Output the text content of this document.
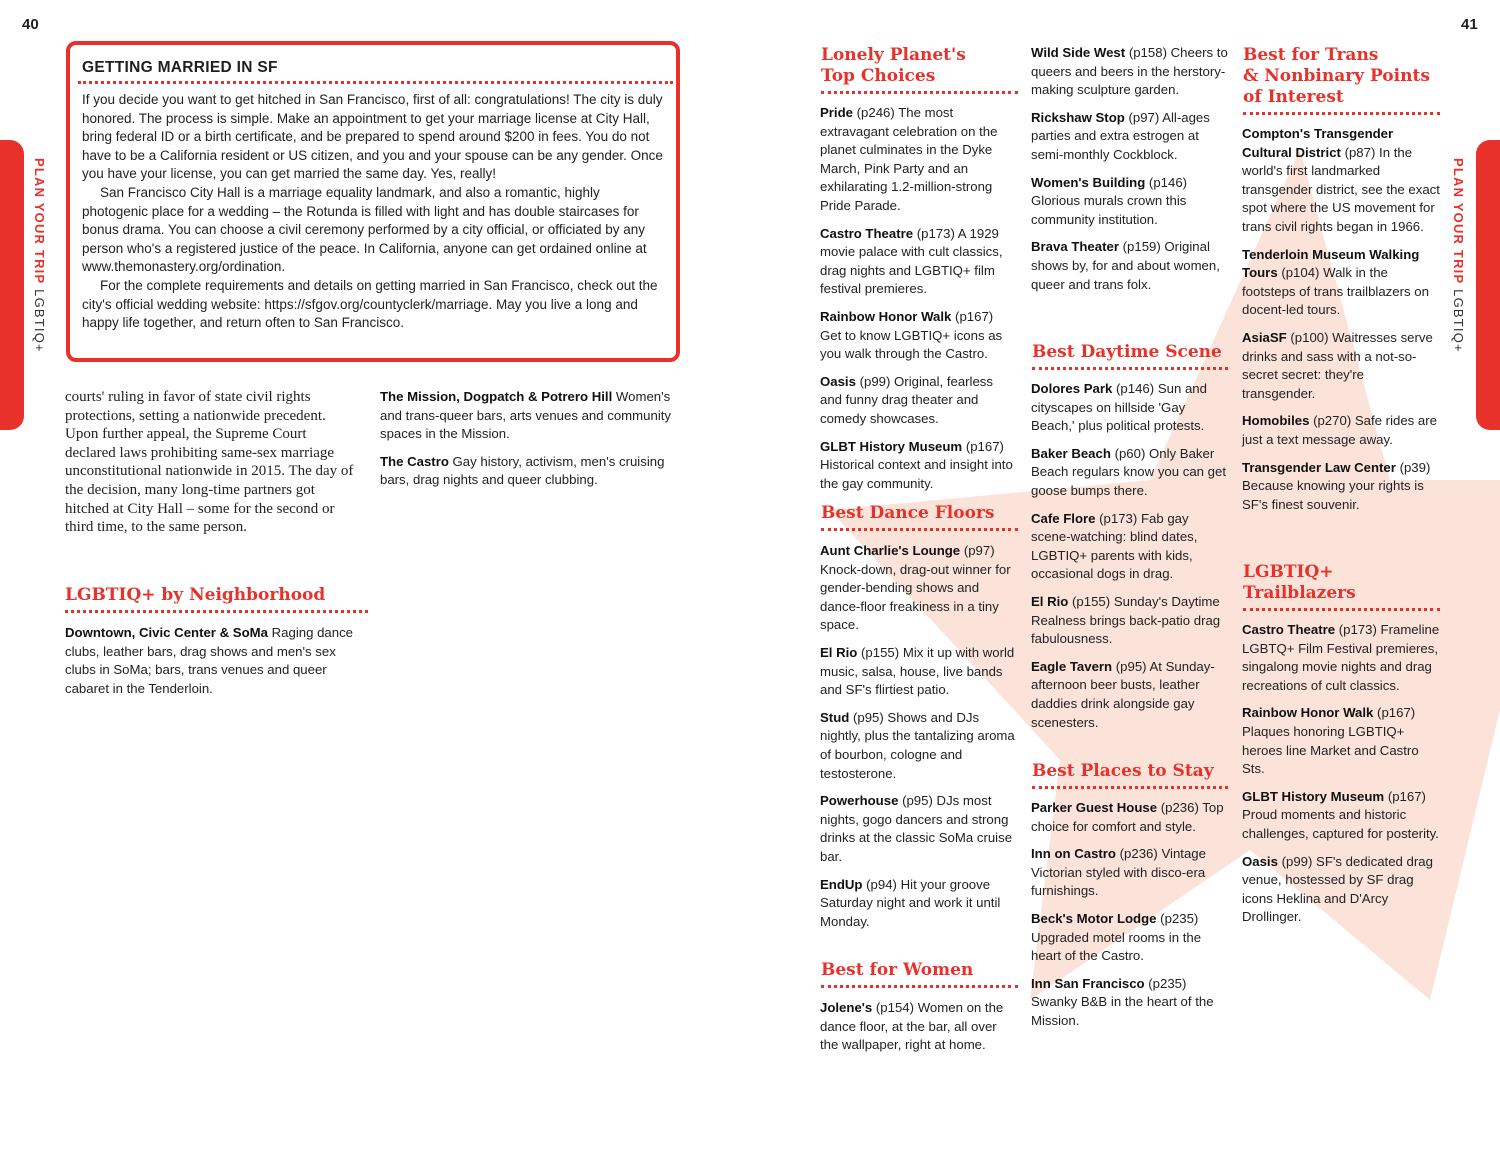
40	41
PLAN YOUR TRIP LGBTIQ+
PLAN YOUR TRIP LGBTIQ+
GETTING MARRIED IN SF

If you decide you want to get hitched in San Francisco, first of all: congratulations! The city is duly honored. The process is simple. Make an appointment to get your marriage license at City Hall, bring federal ID or a birth certificate, and be prepared to spend around $200 in fees. You do not have to be a California resident or US citizen, and you and your spouse can be any gender. Once you have your license, you can get married the same day. Yes, really!

San Francisco City Hall is a marriage equality landmark, and also a romantic, highly photogenic place for a wedding – the Rotunda is filled with light and has double staircases for bonus drama. You can choose a civil ceremony performed by a city official, or officiated by any person who's a registered justice of the peace. In California, anyone can get ordained online at www.themonastery.org/ordination.

For the complete requirements and details on getting married in San Francisco, check out the city's official wedding website: https://sfgov.org/countyclerk/marriage. May you live a long and happy life together, and return often to San Francisco.

courts' ruling in favor of state civil rights protections, setting a nationwide precedent. Upon further appeal, the Supreme Court declared laws prohibiting same-sex marriage unconstitutional nationwide in 2015. The day of the decision, many long-time partners got hitched at City Hall – some for the second or third time, to the same person.
LGBTIQ+ by Neighborhood

Downtown, Civic Center & SoMa Raging dance clubs, leather bars, drag shows and men's sex clubs in SoMa; bars, trans venues and queer cabaret in the Tenderloin.

The Mission, Dogpatch & Potrero Hill Women's and trans-queer bars, arts venues and community spaces in the Mission.

The Castro Gay history, activism, men's cruising bars, drag nights and queer clubbing.

Lonely Planet's
Top Choices

Pride (p246) The most extravagant celebration on the planet culminates in the Dyke March, Pink Party and an exhilarating 1.2-million-strong Pride Parade.

Castro Theatre (p173) A 1929 movie palace with cult classics, drag nights and LGBTIQ+ film festival premieres.

Rainbow Honor Walk (p167) Get to know LGBTIQ+ icons as you walk through the Castro.

Oasis (p99) Original, fearless and funny drag theater and comedy showcases.

GLBT History Museum (p167) Historical context and insight into the gay community.

Best Dance Floors

Aunt Charlie's Lounge (p97) Knock-down, drag-out winner for gender-bending shows and dance-floor freakiness in a tiny space.

El Rio (p155) Mix it up with world music, salsa, house, live bands and SF's flirtiest patio.

Stud (p95) Shows and DJs nightly, plus the tantalizing aroma of bourbon, cologne and testosterone.

Powerhouse (p95) DJs most nights, gogo dancers and strong drinks at the classic SoMa cruise bar.

EndUp (p94) Hit your groove Saturday night and work it until Monday.

Best for Women

Jolene's (p154) Women on the dance floor, at the bar, all over the wallpaper, right at home.

Wild Side West (p158) Cheers to queers and beers in the herstory-making sculpture garden.

Rickshaw Stop (p97) All-ages parties and extra estrogen at semi-monthly Cockblock.

Women's Building (p146) Glorious murals crown this community institution.

Brava Theater (p159) Original shows by, for and about women, queer and trans folx.

Best Daytime Scene

Dolores Park (p146) Sun and cityscapes on hillside 'Gay Beach,' plus political protests.

Baker Beach (p60) Only Baker Beach regulars know you can get goose bumps there.

Cafe Flore (p173) Fab gay scene-watching: blind dates, LGBTIQ+ parents with kids, occasional dogs in drag.

El Rio (p155) Sunday's Daytime Realness brings back-patio drag fabulousness.

Eagle Tavern (p95) At Sunday-afternoon beer busts, leather daddies drink alongside gay scenesters.

Best Places to Stay

Parker Guest House (p236) Top choice for comfort and style.

Inn on Castro (p236) Vintage Victorian styled with disco-era furnishings.

Beck's Motor Lodge (p235) Upgraded motel rooms in the heart of the Castro.

Inn San Francisco (p235) Swanky B&B in the heart of the Mission.

Best for Trans
& Nonbinary Points
of Interest

Compton's Transgender Cultural District (p87) In the world's first landmarked transgender district, see the exact spot where the US movement for trans civil rights began in 1966.

Tenderloin Museum Walking Tours (p104) Walk in the footsteps of trans trailblazers on docent-led tours.

AsiaSF (p100) Waitresses serve drinks and sass with a not-so-secret secret: they're transgender.

Homobiles (p270) Safe rides are just a text message away.

Transgender Law Center (p39) Because knowing your rights is SF's finest souvenir.

LGBTIQ+
Trailblazers

Castro Theatre (p173) Frameline LGBTQ+ Film Festival premieres, singalong movie nights and drag recreations of cult classics.

Rainbow Honor Walk (p167) Plaques honoring LGBTIQ+ heroes line Market and Castro Sts.

GLBT History Museum (p167) Proud moments and historic challenges, captured for posterity.

Oasis (p99) SF's dedicated drag venue, hostessed by SF drag icons Heklina and D'Arcy Drollinger.
